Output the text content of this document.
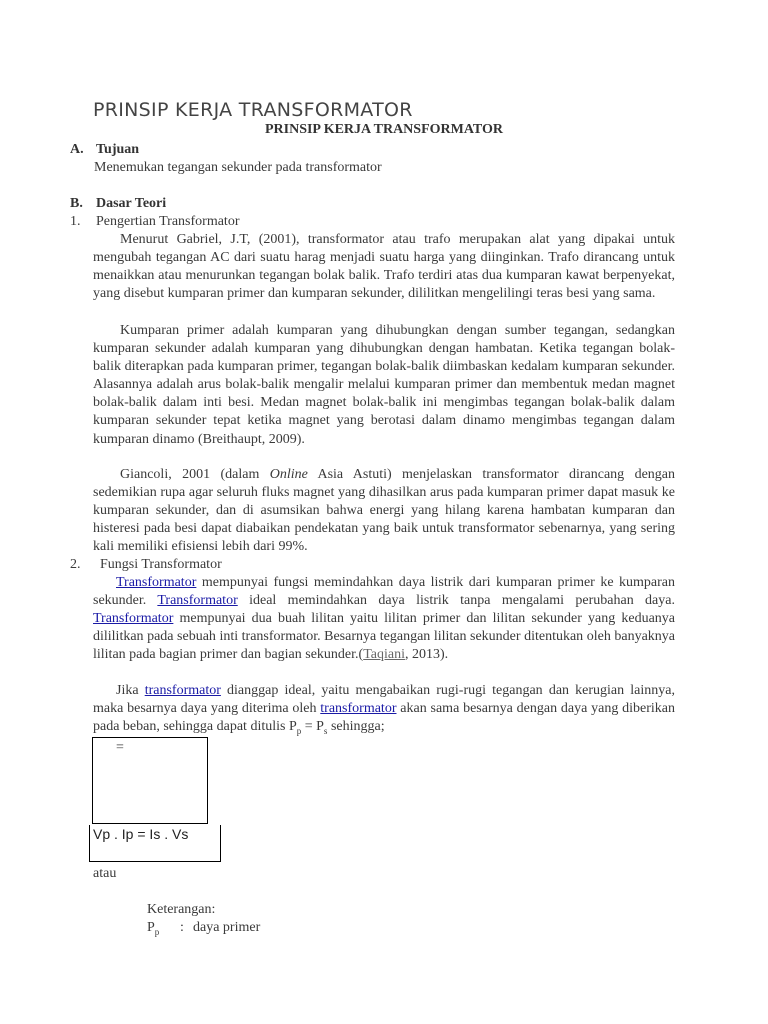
PRINSIP KERJA TRANSFORMATOR
PRINSIP KERJA TRANSFORMATOR
A. Tujuan
Menemukan tegangan sekunder pada transformator
B. Dasar Teori
1. Pengertian Transformator

Menurut Gabriel, J.T, (2001), transformator atau trafo merupakan alat yang dipakai untuk mengubah tegangan AC dari suatu harag menjadi suatu harga yang diinginkan. Trafo dirancang untuk menaikkan atau menurunkan tegangan bolak balik. Trafo terdiri atas dua kumparan kawat berpenyekat, yang disebut kumparan primer dan kumparan sekunder, dililitkan mengelilingi teras besi yang sama.

Kumparan primer adalah kumparan yang dihubungkan dengan sumber tegangan, sedangkan kumparan sekunder adalah kumparan yang dihubungkan dengan hambatan. Ketika tegangan bolak-balik diterapkan pada kumparan primer, tegangan bolak-balik diimbaskan kedalam kumparan sekunder. Alasannya adalah arus bolak-balik mengalir melalui kumparan primer dan membentuk medan magnet bolak-balik dalam inti besi. Medan magnet bolak-balik ini mengimbas tegangan bolak-balik dalam kumparan sekunder tepat ketika magnet yang berotasi dalam dinamo mengimbas tegangan dalam kumparan dinamo (Breithaupt, 2009).

Giancoli, 2001 (dalam Online Asia Astuti) menjelaskan transformator dirancang dengan sedemikian rupa agar seluruh fluks magnet yang dihasilkan arus pada kumparan primer dapat masuk ke kumparan sekunder, dan di asumsikan bahwa energi yang hilang karena hambatan kumparan dan histeresi pada besi dapat diabaikan pendekatan yang baik untuk transformator sebenarnya, yang sering kali memiliki efisiensi lebih dari 99%.

2. Fungsi Transformator

Transformator mempunyai fungsi memindahkan daya listrik dari kumparan primer ke kumparan sekunder. Transformator ideal memindahkan daya listrik tanpa mengalami perubahan daya. Transformator mempunyai dua buah lilitan yaitu lilitan primer dan lilitan sekunder yang keduanya dililitkan pada sebuah inti transformator. Besarnya tegangan lilitan sekunder ditentukan oleh banyaknya lilitan pada bagian primer dan bagian sekunder.(Taqiani, 2013).

Jika transformator dianggap ideal, yaitu mengabaikan rugi-rugi tegangan dan kerugian lainnya, maka besarnya daya yang diterima oleh transformator akan sama besarnya dengan daya yang diberikan pada beban, sehingga dapat ditulis $P_p = P_s$ sehingga;

=
Vp . Ip = Is . Vs
atau
Keterangan:
$P_p$ : daya primer
